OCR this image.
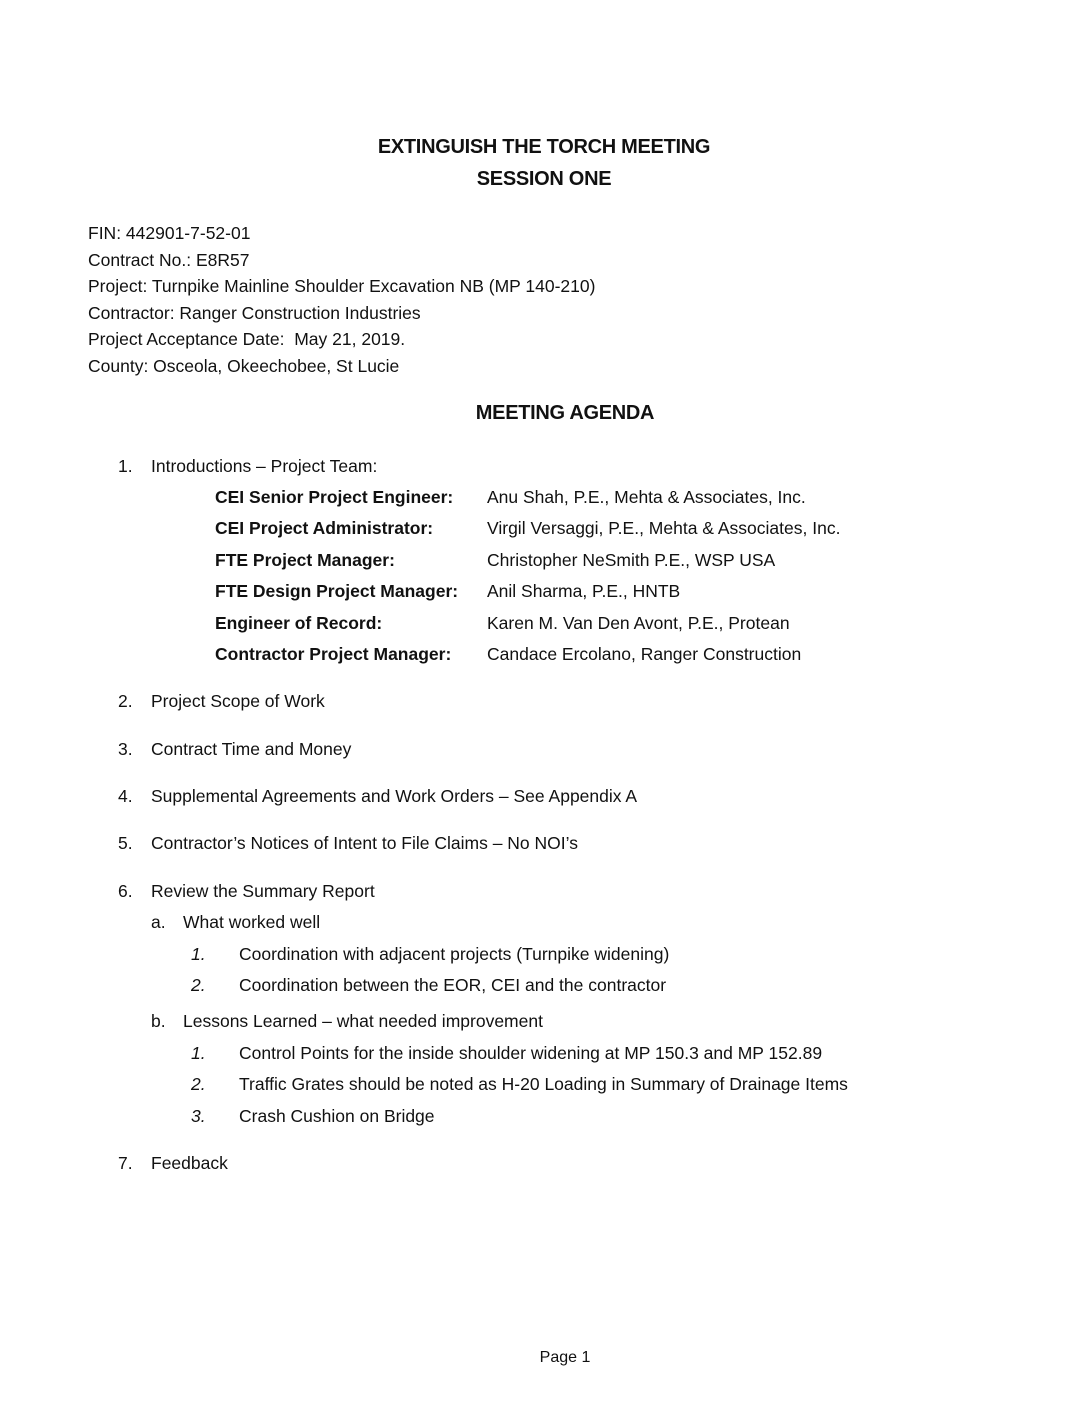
EXTINGUISH THE TORCH MEETING
SESSION ONE
FIN: 442901-7-52-01
Contract No.: E8R57
Project: Turnpike Mainline Shoulder Excavation NB (MP 140-210)
Contractor: Ranger Construction Industries
Project Acceptance Date:  May 21, 2019.
County: Osceola, Okeechobee, St Lucie
MEETING AGENDA
1. Introductions – Project Team:
CEI Senior Project Engineer: Anu Shah, P.E., Mehta & Associates, Inc.
CEI Project Administrator:	Virgil Versaggi, P.E., Mehta & Associates, Inc.
FTE Project Manager:	Christopher NeSmith P.E., WSP USA
FTE Design Project Manager: Anil Sharma, P.E., HNTB
Engineer of Record:	Karen M. Van Den Avont, P.E., Protean
Contractor Project Manager: Candace Ercolano, Ranger Construction
2. Project Scope of Work
3. Contract Time and Money
4. Supplemental Agreements and Work Orders – See Appendix A
5. Contractor’s Notices of Intent to File Claims – No NOI’s
6. Review the Summary Report
a. What worked well
1. Coordination with adjacent projects (Turnpike widening)
2. Coordination between the EOR, CEI and the contractor
b. Lessons Learned – what needed improvement
1. Control Points for the inside shoulder widening at MP 150.3 and MP 152.89
2. Traffic Grates should be noted as H-20 Loading in Summary of Drainage Items
3. Crash Cushion on Bridge
7. Feedback
Page 1
